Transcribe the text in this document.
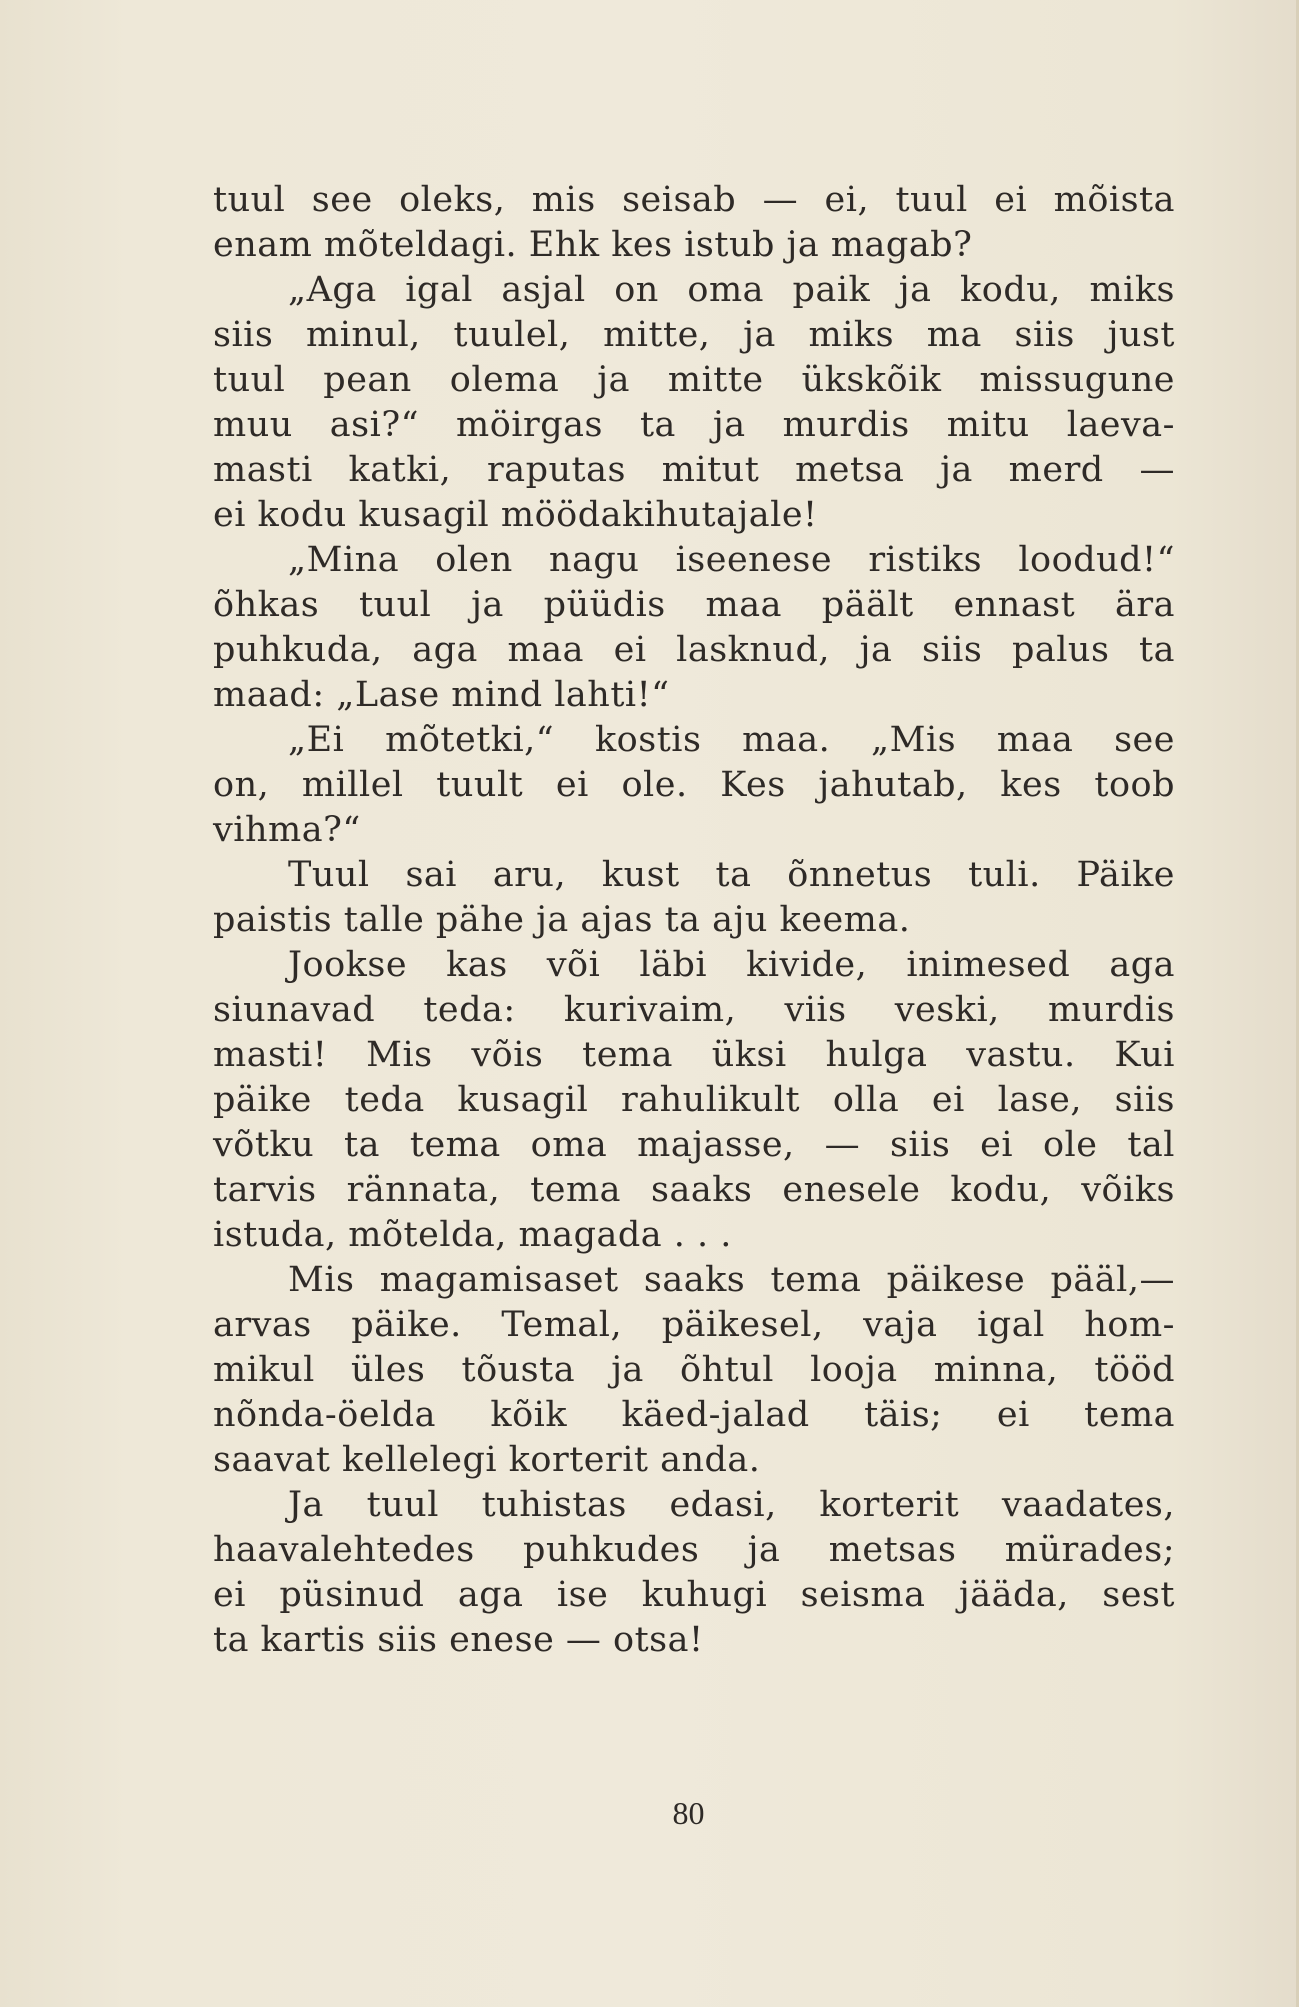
tuul see oleks, mis seisab — ei, tuul ei mõista
enam mõteldagi. Ehk kes istub ja magab?
„Aga igal asjal on oma paik ja kodu, miks
siis minul, tuulel, mitte, ja miks ma siis just
tuul pean olema ja mitte ükskõik missugune
muu asi?“ möirgas ta ja murdis mitu laeva-
masti katki, raputas mitut metsa ja merd —
ei kodu kusagil möödakihutajale!
„Mina olen nagu iseenese ristiks loodud!“
õhkas tuul ja püüdis maa päält ennast ära
puhkuda, aga maa ei lasknud, ja siis palus ta
maad: „Lase mind lahti!“
„Ei mõtetki,“ kostis maa. „Mis maa see
on, millel tuult ei ole. Kes jahutab, kes toob
vihma?“
Tuul sai aru, kust ta õnnetus tuli. Päike
paistis talle pähe ja ajas ta aju keema.
Jookse kas või läbi kivide, inimesed aga
siunavad teda: kurivaim, viis veski, murdis
masti! Mis võis tema üksi hulga vastu. Kui
päike teda kusagil rahulikult olla ei lase, siis
võtku ta tema oma majasse, — siis ei ole tal
tarvis rännata, tema saaks enesele kodu, võiks
istuda, mõtelda, magada . . .
Mis magamisaset saaks tema päikese pääl,—
arvas päike. Temal, päikesel, vaja igal hom-
mikul üles tõusta ja õhtul looja minna, tööd
nõnda-öelda kõik käed-jalad täis; ei tema
saavat kellelegi korterit anda.
Ja tuul tuhistas edasi, korterit vaadates,
haavalehtedes puhkudes ja metsas mürades;
ei püsinud aga ise kuhugi seisma jääda, sest
ta kartis siis enese — otsa!
80
